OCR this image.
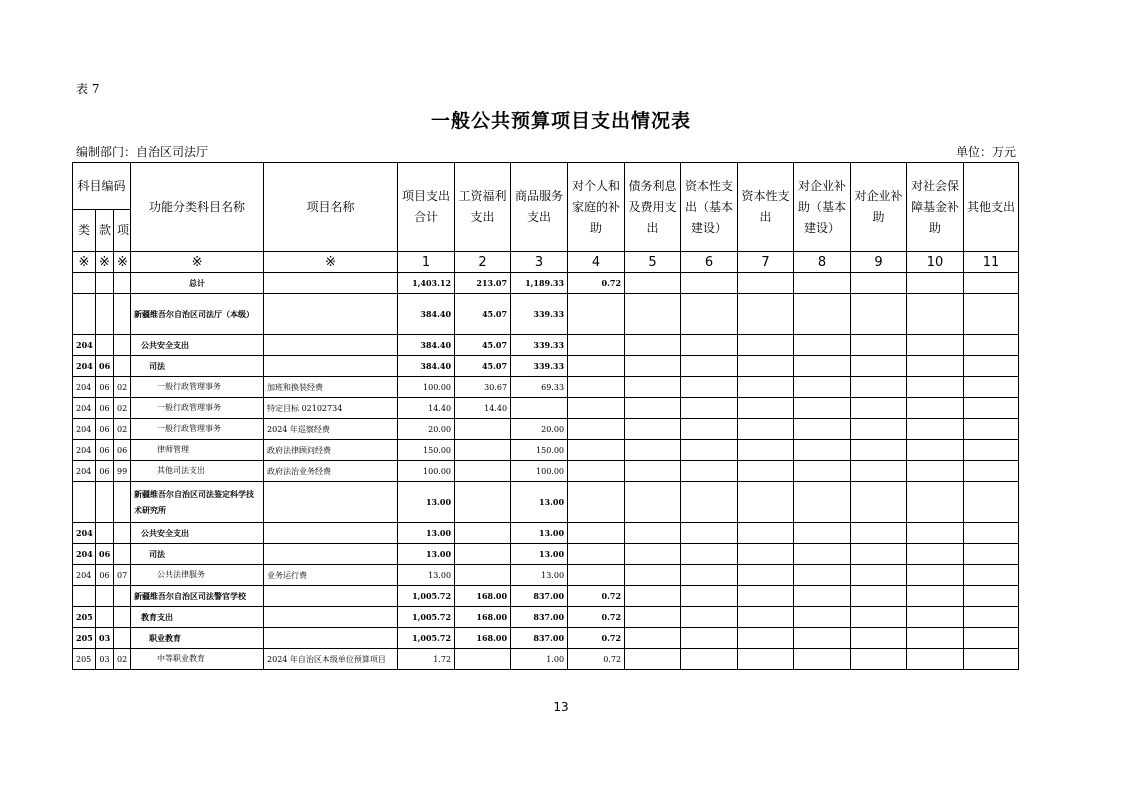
表 7
一般公共预算项目支出情况表
编制部门：自治区司法厅	单位：万元
科目编码			功能分类科目名称	项目名称	项目支出合计	工资福利支出	商品服务支出	对个人和家庭的补助	债务利息及费用支出	资本性支出（基本建设）	资本性支出	对企业补助（基本建设）	对企业补助	对社会保障基金补助	其他支出
类	款	项													
※	※	※	※	※	1	2	3	4	5	6	7	8	9	10	11
			总计		1,403.12	213.07	1,189.33	0.72							
			新疆维吾尔自治区司法厅（本级）		384.40	45.07	339.33								
204			公共安全支出		384.40	45.07	339.33								
204	06		司法		384.40	45.07	339.33								
204	06	02	一般行政管理事务	加班和换装经费	100.00	30.67	69.33								
204	06	02	一般行政管理事务	特定目标 02102734	14.40	14.40									
204	06	02	一般行政管理事务	2024 年巡察经费	20.00		20.00								
204	06	06	律师管理	政府法律顾问经费	150.00		150.00								
204	06	99	其他司法支出	政府法治业务经费	100.00		100.00								
			新疆维吾尔自治区司法鉴定科学技术研究所		13.00		13.00								
204			公共安全支出		13.00		13.00								
204	06		司法		13.00		13.00								
204	06	07	公共法律服务	业务运行费	13.00		13.00								
			新疆维吾尔自治区司法警官学校		1,005.72	168.00	837.00	0.72							
205			教育支出		1,005.72	168.00	837.00	0.72							
205	03		职业教育		1,005.72	168.00	837.00	0.72							
205	03	02	中等职业教育	2024 年自治区本级单位预算项目	1.72		1.00	0.72							
13
